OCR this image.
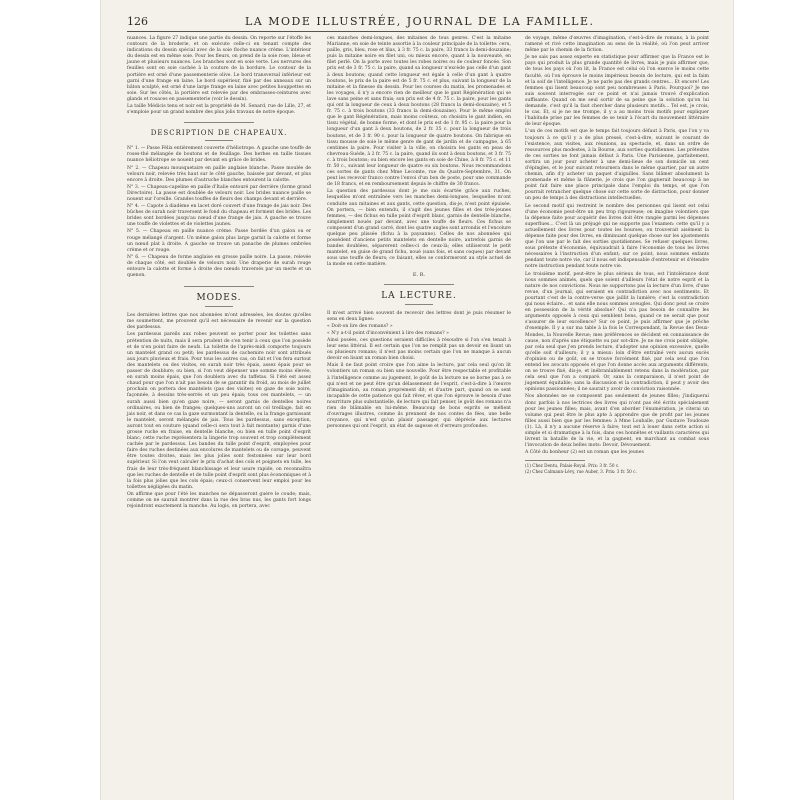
126	LA MODE ILLUSTRÉE, JOURNAL DE LA FAMILLE.

nuances. La figure 27 indique une partie du dessin. On reporte sur l'étoffe les contours de la broderie, et on exécute celle-ci en tenant compte des indications du dessin spécial avec de la soie floche nuance crème. L'intérieur du dessin est en même soie. Pour les fleurs, on prend de la soie rose, bleue et jaune et plusieurs nuances. Les branches sont en soie verte. Les nervures des feuilles sont en soie cachée à la couture de la bordure. Le contour de la portière est orné d'une passementerie olive. Le bord transversal inférieur est garni d'une frange en laine. Le bord supérieur, fixé par des anneaux sur un bâton sculpté, est orné d'une large frange en laine avec petites houppettes en soie. Sur les côtés, la portière est relevée par des embrasses-ceintures avec glands et rosaces en passementerie (voir le dessin).

La taille Médicis tenu et noir est la propriété de M. Senard, rue de Lille, 27, et s'emploie pour un grand nombre des plus jolis travaux de notre époque.

DESCRIPTION DE CHAPEAUX.

N° 1. — Passe Félix entièrement couverte d'héliotrope. A gauche une touffe de roses-thé mélangée de boutons et de feuillage. Des herbes en taille tissues nuance héliotrope se nouent par devant en grâce de brides.

N° 2. — Chapeau mousquetaire en paille anglaise blanche. Passe moulée de velours noir, relevée très haut sur le côté gauche, baissée par devant, et plus encore à droite. Des plumes d'autruche blanches entourent la calotte.

N° 3. — Chapeau-capeline en paille d'Italie entouré par derrière (forme grand Directoire). La passe est doublée de velours noir. Les brides nuance paille se nouent sur l'oreille. Grandes touffes de fleurs des champs devant et derrière.

N° 4. — Capote à diadème en lacet doré couvert d'une frange de jais noir. Des bûches de surah noir traversent le fond du chapeau et forment des brides. Les brides sont bordées jusqu'au nœud d'une frange de jais. A gauche se trouve une touffe de violettes et de violettes jaunes.

N° 5. — Chapeau en paille nuance crème. Passe bordée d'un galon ou er rouge mélangé d'argent. Un même galon plus large garnit la calotte et forme un nœud plat à droite. A gauche se trouve un panache de plumes ombrées crème et or rouge.

N° 6. — Chapeau de forme anglaise en grosse paille noire. La passe, relevée de chaque côté, est doublée de velours noir. Une draperie de surah rouge entoure la calotte et forme à droite des nœuds traversés par un merle et un quenon.

MODES.

Les dernières lettres que nos abonnées m'ont adressées, les doutes qu'elles me soumettent, me prouvent qu'il est nécessaire de revenir sur la question des pardessus.

Les pardessus pareils aux robes peuvent se porter pour les toilettes sans prétention de nuits, mais il sera prudent de s'en tenir à ceux que l'on possède et de n'en point faire de neufs. La toilette de l'après-midi comporte toujours un mantelet grand ou petit; les pardessus de cachemire noir sont attribués aux jours pluvieux et frais. Pour tous les autres cas, on fait et l'on fera surtout des mantelets ou des visites, en surah noir très épais, assez épais pour se passer de doublure; ou bien, si l'on veut dépenser une somme moins élevée, en surah moins épais, que l'on doublera avec du taffetas. Si l'été est assez chaud pour que l'on n'ait pas besoin de se garantir du froid, au mois de juillet prochain on portera des mantelets (pas des visites) en gaze de soie noire, façonnée, à dessins très-serrés et un peu épais; tous ces mantelets, — un surah aussi bien qu'en gaze noire, — seront garnis de dentelles noires ordinaires, ou bien de franges; quelques-uns auront un col treillage, fait en jais noir, et dans ce cas la gaze surmontant la dentelle, ou la frange garnissant le mantelet, seront mélangés de jais. Tous les pardessus, sans exception, auront tout en couture (quand celle-ci sera tout à fait montante) garnis d'une grosse ruche en fraise, en dentelle blanche, ou bien en tulle point d'esprit blanc; cette ruche représentera la lingerie trop souvent et trop complètement cachée par le pardessus. Les bandes du tulle point d'esprit, employées pour faire des ruches destinées aux encolures de mantelets ou de corsage, peuvent être toutes droites, mais les plus jolies sont festonnées sur leur bord supérieur. Si l'on veut calculer le prix d'achat des cols et poignets en tulle, les frais de leur très-fréquent blanchissage et leur usure rapide, on reconnaîtra que les ruches de dentelle et de tulle point d'esprit sont plus économiques et à la fois plus jolies que les cols épais; ceux-ci conservent leur emploi pour les toilettes négligées du matin.

On affirme que pour l'été les manches ne dépasseront guère le coude; mais, comme on ne saurait montrer dans la rue des bras nus, les gants fort longs rejoindront exactement la manche. Au logis, on portera, avec

ces manches demi-longues, des mitaines de tous genres. C'est la mitaine Marianne, en soie de teinte assortie à la couleur principale de la toilette: ceru, paille, gris, bleu, rose et lilas, à 3 fr. 75 c. la paire, 33 francs la demi-douzaine; puis la mitaine noire en filet uni, ou mieux encore, quant à la nouveauté, en filet perlé. On la porte avec toutes les robes noires ou de couleur foncée. Son prix est de 3 fr. 75 c. la paire, quand sa longueur n'excède pas celle d'un gant à deux boutons; quand cette longueur est égale à celle d'un gant à quatre boutons, le prix de la paire est de 5 fr. 75 c. et plus, suivant la longueur de la mitaine et la finesse du dessin. Pour les courses du matin, les promenades et les voyages, il n'y a encore rien de meilleur que le gant Régénération qui se lave sans peine et sans frais; son prix est de 4 fr. 75 c. la paire, pour les gants qui ont la longueur de ceux à deux boutons (28 francs la demi-douzaine), et 5 fr. 75 c. à trois boutons (33 francs la demi-douzaine). Pour le même emploi que le gant Régénération, mais moins coûteux, on choisira le gant indien, en tissu végétal, de bonne forme, et dont le prix est de 1 fr. 95 c. la paire pour la longueur d'un gant à deux boutons, de 2 fr. 35 c. pour la longueur de trois boutons, et de 3 fr. 90 c. pour la longueur de quatre boutons. On fabrique en tissu mousse de soie le même genre de gant de jardin et de campagne, à 65 centimes la paire. Pour visiter à la ville, on choisira les gants en peau de chevreau-Suède, à 2 fr. 75 c. la paire, quand ils sont à deux boutons, et 3 fr. 75 c. à trois boutons; ou bien encore les gants en soie de Chine, à 8 fr. 75 c. et 11 fr. 50 c., suivant leur longueur de quatre ou six boutons. Nous recommandons ces sortes de gants chez Mme Lecomte, rue du Quatre-Septembre, 31. On peut les recevoir franco contre l'envoi d'un bon de poste, pour une commande de 18 francs, et en remboursement depuis le chiffre de 30 francs.

La question des pardessus dont je me suis écartée grâce aux ruches, lesquelles m'ont entraînée vers les manches demi-longues, lesquelles m'ont conduite aux mitaines et aux gants, cette question, dis-je, n'est point épuisée. On portera, — bien entendu, il s'agit des jeunes filles et des très-jeunes femmes, — des fichus en tulle point d'esprit blanc, garnis de dentelle blanche, simplement noués par devant, avec une touffe de fleurs. Ces fichus se composent d'un grand carré, dont les quatre angles sont arrondis et l'encolure quelque peu plissée (fichu à la paysanne). Celles de nos abonnées qui possèdent d'anciens petits mantelets en dentelle noire, autrefois garnis de bandes doublées, séparerent celles-ci de ceux-là; elles utiliseront le petit mantelet, en guise de grand fichu, noué (sans fois, et sans coques) par devant sous une touffe de fleurs; ce faisant, elles se conformeront au style actuel de la mode en cette matière.

E. R.

LA LECTURE.

Il m'est arrivé bien souvent de recevoir des lettres dont je puis résumer le sens en deux lignes:

« Doit-on lire des romans? »

« N'y a-t-il point d'inconvénient à lire des romans? »

Ainsi posées, ces questions seraient difficiles à résoudre si l'on s'en tenait à leur sens littéral. Il est certain que l'on ne remplit pas un devoir en lisant un ou plusieurs romans; il n'est pas moins certain que l'on ne manque à aucun devoir en lisant un roman bien choisi.

Mais il ne faut point croire que l'on aime la lecture, par cela seul qu'on lit volontiers un roman ou bien une nouvelle. Pour être respectable et profitable à l'intelligence comme au jugement, le goût de la lecture ne se borne pas à ce qui n'est et ne peut être qu'un délassement de l'esprit, c'est-à-dire à l'œuvre d'imagination, au roman proprement dit; et d'autre part, quand on se sent incapable de cette patience qui fait rêver, et que l'on éprouve le besoin d'une nourriture plus substantielle, de lecture qui fait penser, le goût des romans n'a rien de blâmable en lui-même. Beaucoup de bons esprits se méfient d'ouvrages illustres, comme ils prennent de nos contes de fées, une belle croyance, qui n'est qu'un plaisir passager, qui déprécie aux lectures personnes qui ont l'esprit, un état de sagesse et d'erreurs profondes.

de voyage, même d'œuvres d'imagination, c'est-à-dire de romans, à la point ramené et rivé cette imagination au sens de la réalité, où l'on peut arriver même par le chemin de la fiction.

Je ne sais pas assez experte en statistique pour affirmer que la France est le pays qui produit la plus grande quantité de livres, mais je puis affirmer que, de tous les pays où l'on lit, la France est celui où l'on exerce le moins cette faculté, où l'on éprouve le moins impérieux besoin de lecture, qui est la faim et la soif de l'intelligence. Je ne parle pas des grands centres... Et encore! Les femmes qui lisent beaucoup sont peu nombreuses à Paris. Pourquoi? Je me suis souvent interrogée sur ce point et n'ai jamais trouvé d'explication suffisante. Quand on me seul sortir de sa peine que la solution qu'on lui demande, c'est qu'il la faut chercher dans plusieurs motifs... Tel est, je crois, le cas. Et, si je ne me trompe, il y a au moins trois motifs pour expliquer l'habitude prise par les femmes de se tenir à l'écart du mouvement littéraire de leur époque.

L'un de ces motifs est que le temps fait toujours défaut à Paris, que l'on y va toujours à ce qu'il y a de plus pressé, c'est-à-dire, suivant le courant de l'existence, aux visites, aux réunions, au spectacle, et, dans un ordre de ressources plus modestes, à la Bourse, aux sorties quotidiennes. Les prétextes de ces sorties ne font jamais défaut à Paris. Une Parisienne, parfaitement, sortira un jour pour acheter à une demi-lieue de son domicile un cent d'épingles, et le jour suivant retournera dans le même quartier, par un autre chemin, afin d'y acheter un paquet d'aiguilles. Sans blâmer absolument la promenade et même la flânerie, je crois que l'on gagnerait beaucoup à ne point fait faire une place principale dans l'emploi du temps, et que l'on pourrait retrancher quelque chose sur cette sorte de distraction, pour donner un peu de temps à des distractions intellectuelles.

Le second motif qui restreint le nombre des personnes qui lisent est celui d'une économie peut-être un peu trop rigoureuse; on imagine volontiers que la dépense faite pour acquérir des livres doit être rangée parmi les dépenses superflues... C'est là un préjugé qui ne supporte pas l'examen: cette qu'il y a actuellement des livres pour toutes les bourses, on trouverait aisément la dépense faite pour des livres, en diminuant quelque chose sur les ajustements que l'on use par le fait des sorties quotidiennes. Se refuser quelques livres, sous prétexte d'économie, équivaudrait à faire l'économie de tous les livres nécessaires à l'instruction d'un enfant; sur ce point, nous sommes enfants pendant toute notre vie, car il nous est indispensable d'entretenir et d'étendre notre instruction pendant toute notre vie.

Le troisième motif, peut-être le plus sérieux de tous, est l'intolérance dont nous sommes animés, quels que soient d'ailleurs l'état de notre esprit et la nature de nos convictions. Nous ne supportons pas la lecture d'un livre, d'une revue, d'un journal, qui seraient en contradiction avec nos sentiments. Et pourtant c'est de la contre-verse que jaillit la lumière; c'est la contradiction qui nous éclaire... et sans elle nous sommes aveugles. Qui donc peut se croire en possession de la vérité absolue? Qui n'a pas besoin de connaître les arguments opposés à ceux qui semblent bons, quand ce ne serait que pour s'assurer de leur excellence? Sur ce point, je puis affirmer que je prêche d'exemple. Il y a sur ma table à la fois le Correspondant, la Revue des Deux-Mondes, la Nouvelle Revue; mes préférences se décident en connaissance de cause, non d'après une étiquette ou par sot-dire. Je ne me crois point obligée, par cela seul que j'en prends lecture, d'adopter une opinion excessive, quelle qu'elle soit d'ailleurs; il y a mieux: loin d'être entraîné vers aucun excès d'opinion ou de goût, on se trouve forcément fixé, par cela seul que l'on entend les avocats opposés et que l'on donne accès aux arguments différents, on se trouve fixé, dis-je, et inébranlablement retenu dans la modération, par cela seul que l'on a comparé. Or, sans la comparaison, il n'est point de jugement équitable; sans la discussion et la contradiction, il peut y avoir des opinions passionnées; il ne saurait y avoir de conviction raisonnée.

Nos abonnées ne se composent pas seulement de jeunes filles; j'indiquerai donc parfois à nos lectrices des livres qui n'ont pas été écrits spécialement pour les jeunes filles; mais, avant d'en aborder l'énumération, je citerai un volume qui peut être le plus apte à apprendre que de profit par les jeunes filles aussi bien que par les femmes: à Mme Louballe, par Gustave Toudouze (1). Là, il n'y a aucune réserve à faire; tout est à louer dans cette action si simple et si dramatique à la fois, dans ces honnêtes et vaillants caractères qui livrent la bataille de la vie, et la gagnent, en marchant au combat sous l'invocation de deux belles mots: Devoir, Dévouement.

A Côté du bonheur (2) est un roman que les jeunes

(1) Chez Dentu, Palais-Royal. Prix: 3 fr. 50 c.

(2) Chez Calmann-Lévy, rue Auber, 3. Prix: 3 fr. 50 c.
